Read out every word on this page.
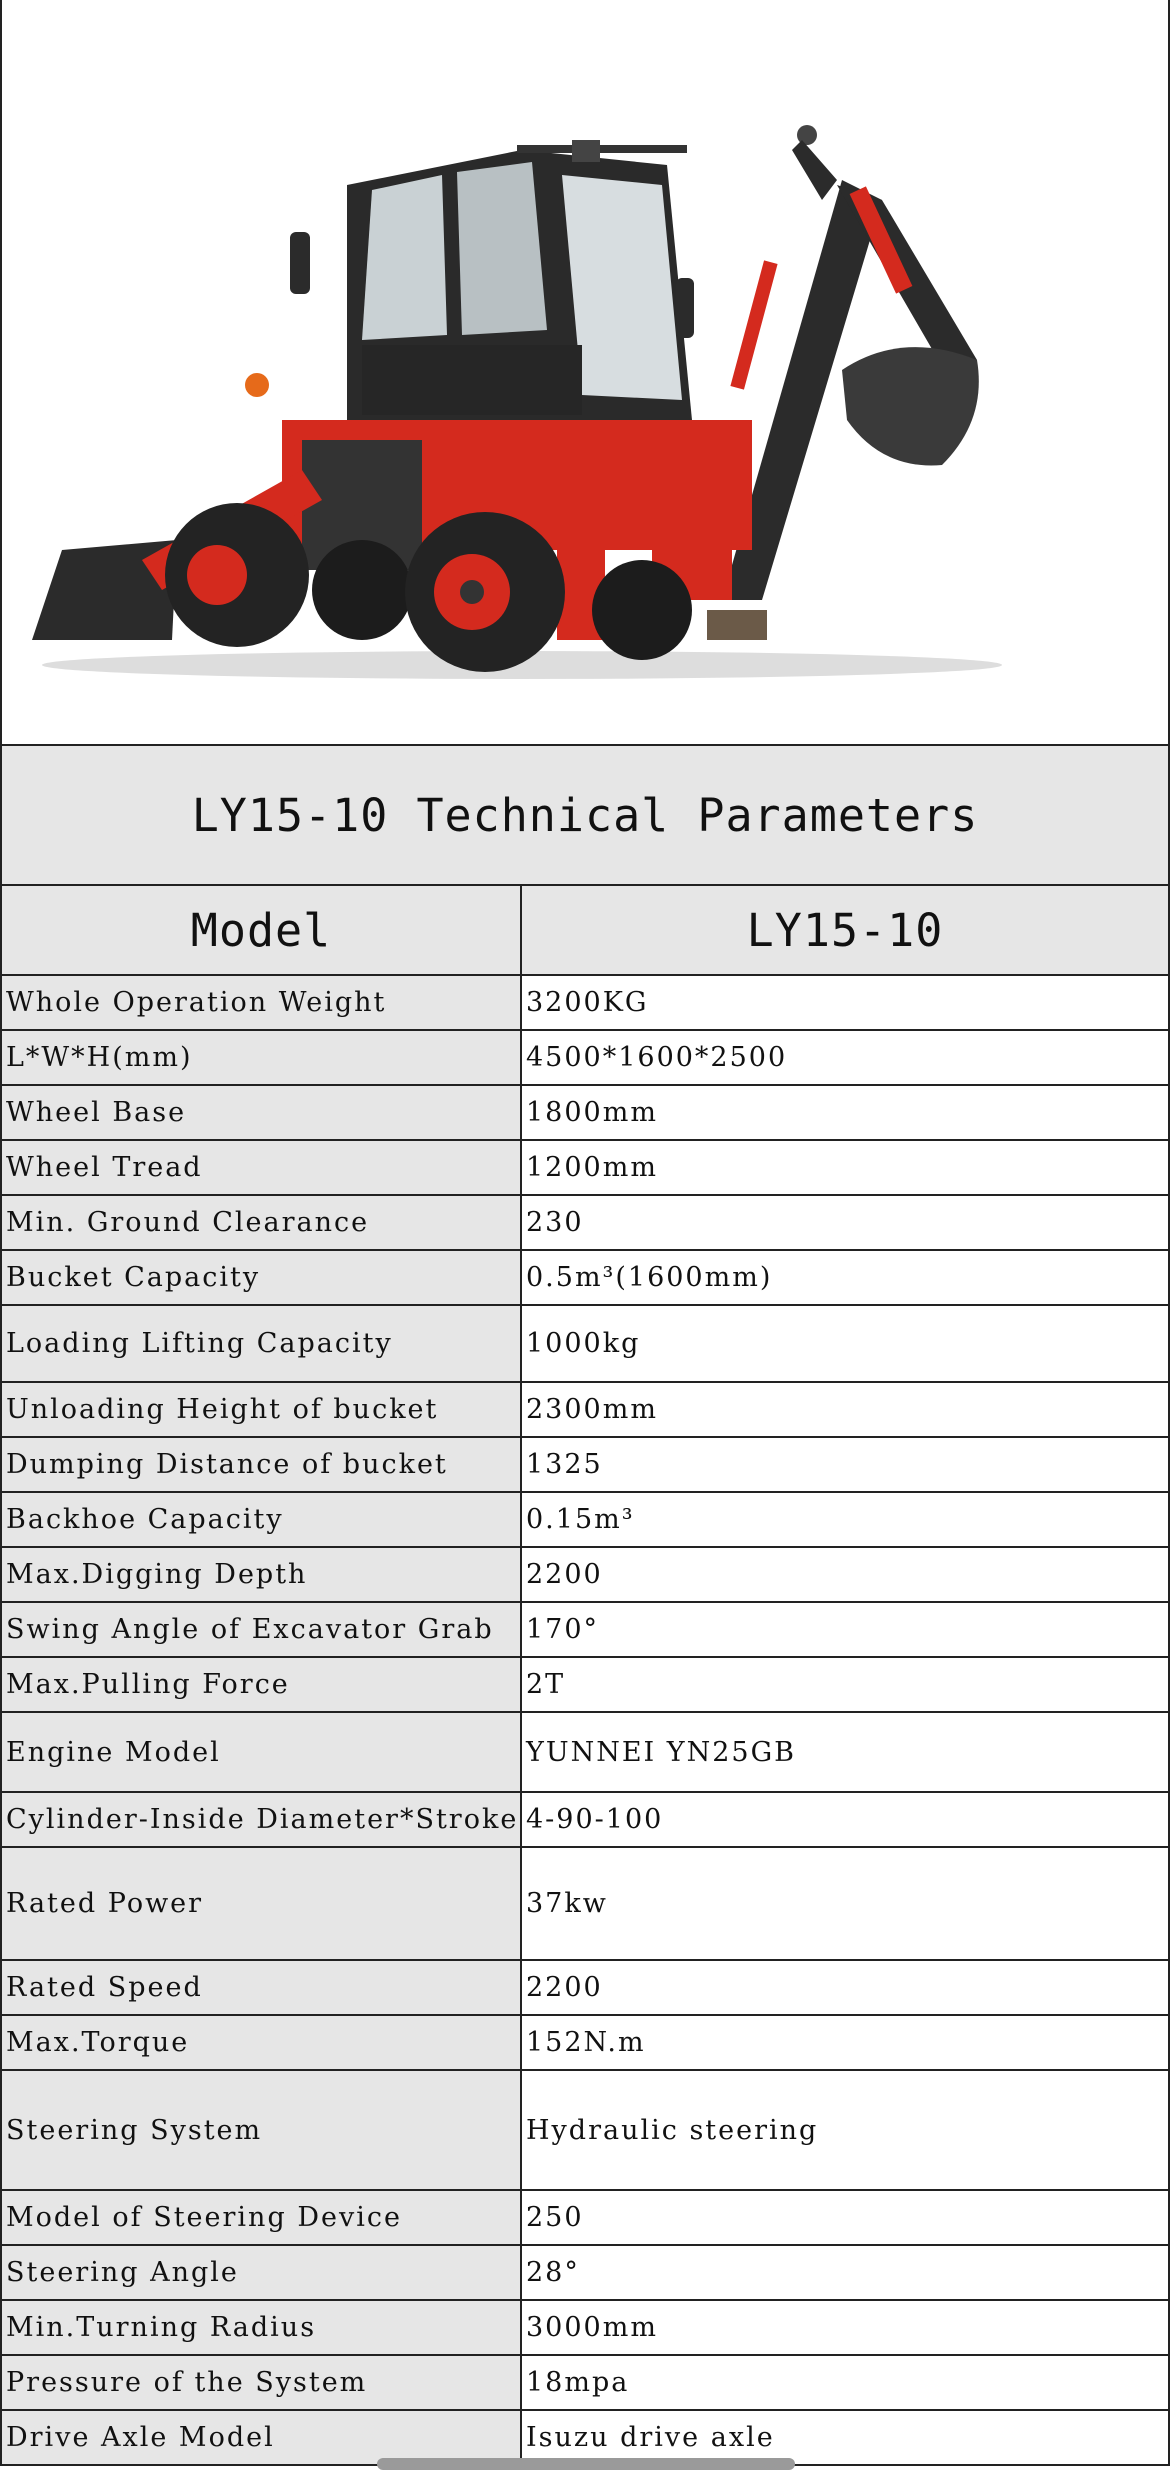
LY15-10 Technical Parameters
Model	LY15-10
Whole Operation Weight	3200KG
L*W*H(mm)	4500*1600*2500
Wheel Base	1800mm
Wheel Tread	1200mm
Min. Ground Clearance	230
Bucket Capacity	0.5m³(1600mm)
Loading Lifting Capacity	1000kg
Unloading Height of bucket	2300mm
Dumping Distance of bucket	1325
Backhoe Capacity	0.15m³
Max.Digging Depth	2200
Swing Angle of Excavator Grab	170°
Max.Pulling Force	2T
Engine Model	YUNNEI YN25GB
Cylinder-Inside Diameter*Stroke	4-90-100
Rated Power	37kw
Rated Speed	2200
Max.Torque	152N.m
Steering System	Hydraulic steering
Model of Steering Device	250
Steering Angle	28°
Min.Turning Radius	3000mm
Pressure of the System	18mpa
Drive Axle Model	Isuzu drive axle
